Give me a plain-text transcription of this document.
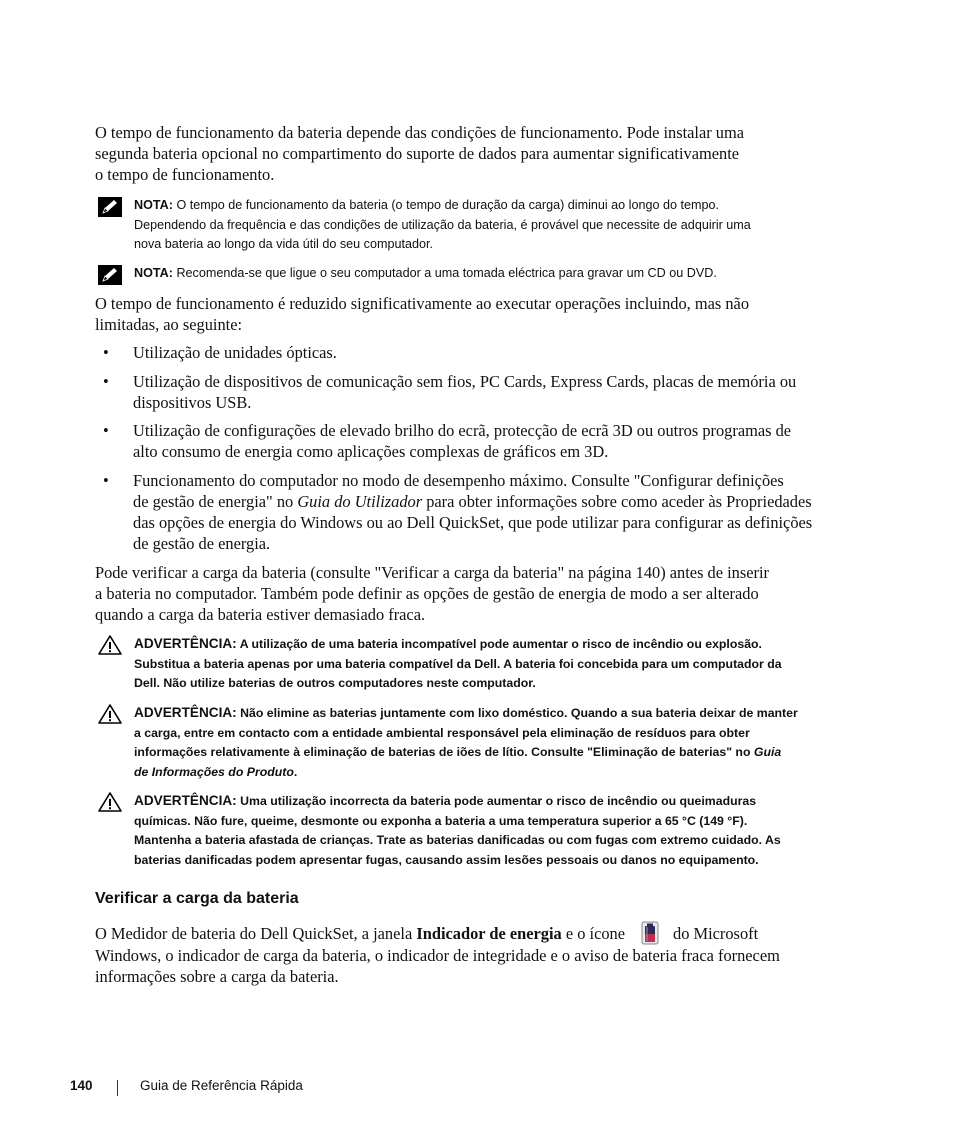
O tempo de funcionamento da bateria depende das condições de funcionamento. Pode instalar uma
segunda bateria opcional no compartimento do suporte de dados para aumentar significativamente
o tempo de funcionamento.
NOTA: O tempo de funcionamento da bateria (o tempo de duração da carga) diminui ao longo do tempo.
Dependendo da frequência e das condições de utilização da bateria, é provável que necessite de adquirir uma
nova bateria ao longo da vida útil do seu computador.
NOTA: Recomenda-se que ligue o seu computador a uma tomada eléctrica para gravar um CD ou DVD.
O tempo de funcionamento é reduzido significativamente ao executar operações incluindo, mas não
limitadas, ao seguinte:
• Utilização de unidades ópticas.
• Utilização de dispositivos de comunicação sem fios, PC Cards, Express Cards, placas de memória ou
dispositivos USB.
• Utilização de configurações de elevado brilho do ecrã, protecção de ecrã 3D ou outros programas de
alto consumo de energia como aplicações complexas de gráficos em 3D.
• Funcionamento do computador no modo de desempenho máximo. Consulte "Configurar definições
de gestão de energia" no Guia do Utilizador para obter informações sobre como aceder às Propriedades
das opções de energia do Windows ou ao Dell QuickSet, que pode utilizar para configurar as definições
de gestão de energia.
Pode verificar a carga da bateria (consulte "Verificar a carga da bateria" na página 140) antes de inserir
a bateria no computador. Também pode definir as opções de gestão de energia de modo a ser alterado
quando a carga da bateria estiver demasiado fraca.
ADVERTÊNCIA: A utilização de uma bateria incompatível pode aumentar o risco de incêndio ou explosão.
Substitua a bateria apenas por uma bateria compatível da Dell. A bateria foi concebida para um computador da
Dell. Não utilize baterias de outros computadores neste computador.
ADVERTÊNCIA: Não elimine as baterias juntamente com lixo doméstico. Quando a sua bateria deixar de manter
a carga, entre em contacto com a entidade ambiental responsável pela eliminação de resíduos para obter
informações relativamente à eliminação de baterias de iões de lítio. Consulte "Eliminação de baterias" no Guia
de Informações do Produto.
ADVERTÊNCIA: Uma utilização incorrecta da bateria pode aumentar o risco de incêndio ou queimaduras
químicas. Não fure, queime, desmonte ou exponha a bateria a uma temperatura superior a 65 °C (149 °F).
Mantenha a bateria afastada de crianças. Trate as baterias danificadas ou com fugas com extremo cuidado. As
baterias danificadas podem apresentar fugas, causando assim lesões pessoais ou danos no equipamento.
Verificar a carga da bateria
O Medidor de bateria do Dell QuickSet, a janela Indicador de energia e o ícone	do Microsoft
Windows, o indicador de carga da bateria, o indicador de integridade e o aviso de bateria fraca fornecem
informações sobre a carga da bateria.
140	Guia de Referência Rápida
